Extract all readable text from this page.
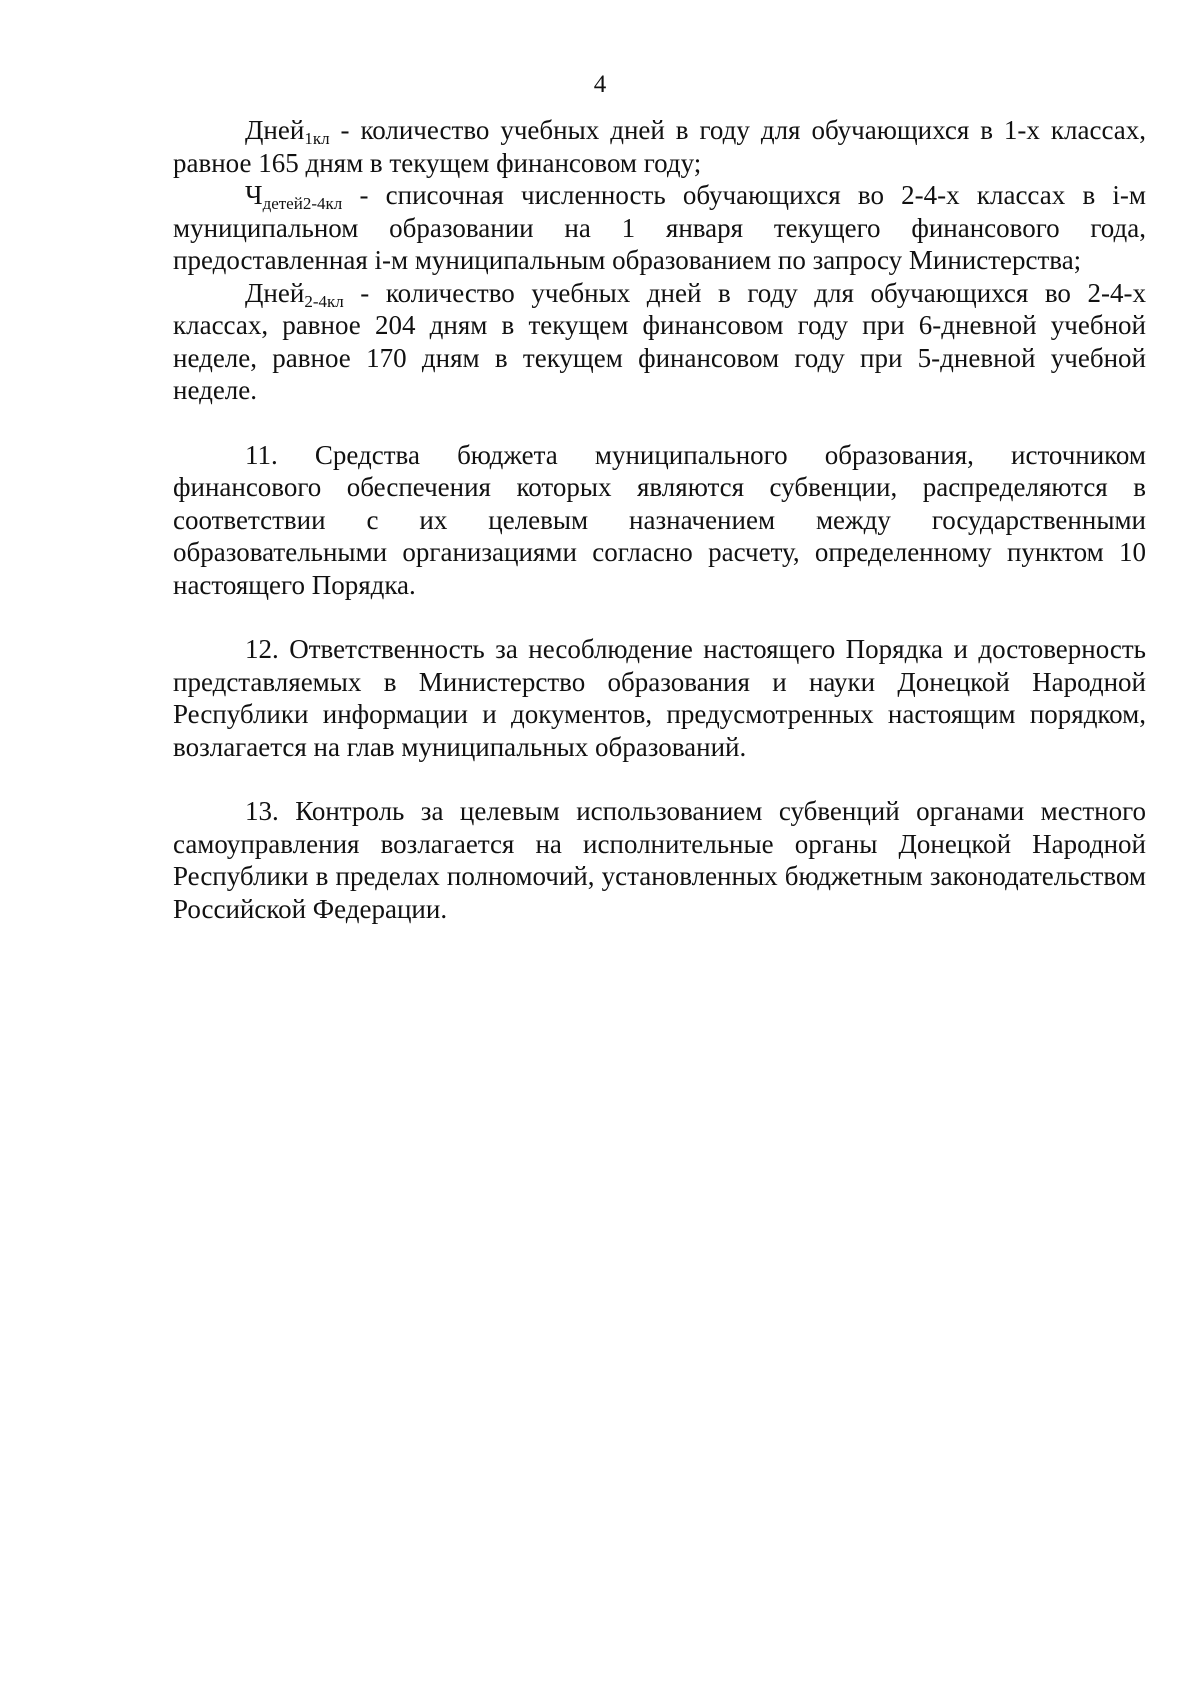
4

Дней$_{1кл}$ - количество учебных дней в году для обучающихся в 1-х классах, равное 165 дням в текущем финансовом году;

$Ч_{детей2-4кл}$ - списочная численность обучающихся во 2-4-х классах в i-м муниципальном образовании на 1 января текущего финансового года, предоставленная i-м муниципальным образованием по запросу Министерства;

Дней$_{2-4кл}$ - количество учебных дней в году для обучающихся во 2-4-х классах, равное 204 дням в текущем финансовом году при 6-дневной учебной неделе, равное 170 дням в текущем финансовом году при 5-дневной учебной неделе.

11. Средства бюджета муниципального образования, источником финансового обеспечения которых являются субвенции, распределяются в соответствии с их целевым назначением между государственными образовательными организациями согласно расчету, определенному пунктом 10 настоящего Порядка.

12. Ответственность за несоблюдение настоящего Порядка и достоверность представляемых в Министерство образования и науки Донецкой Народной Республики информации и документов, предусмотренных настоящим порядком, возлагается на глав муниципальных образований.

13. Контроль за целевым использованием субвенций органами местного самоуправления возлагается на исполнительные органы Донецкой Народной Республики в пределах полномочий, установленных бюджетным законодательством Российской Федерации.
